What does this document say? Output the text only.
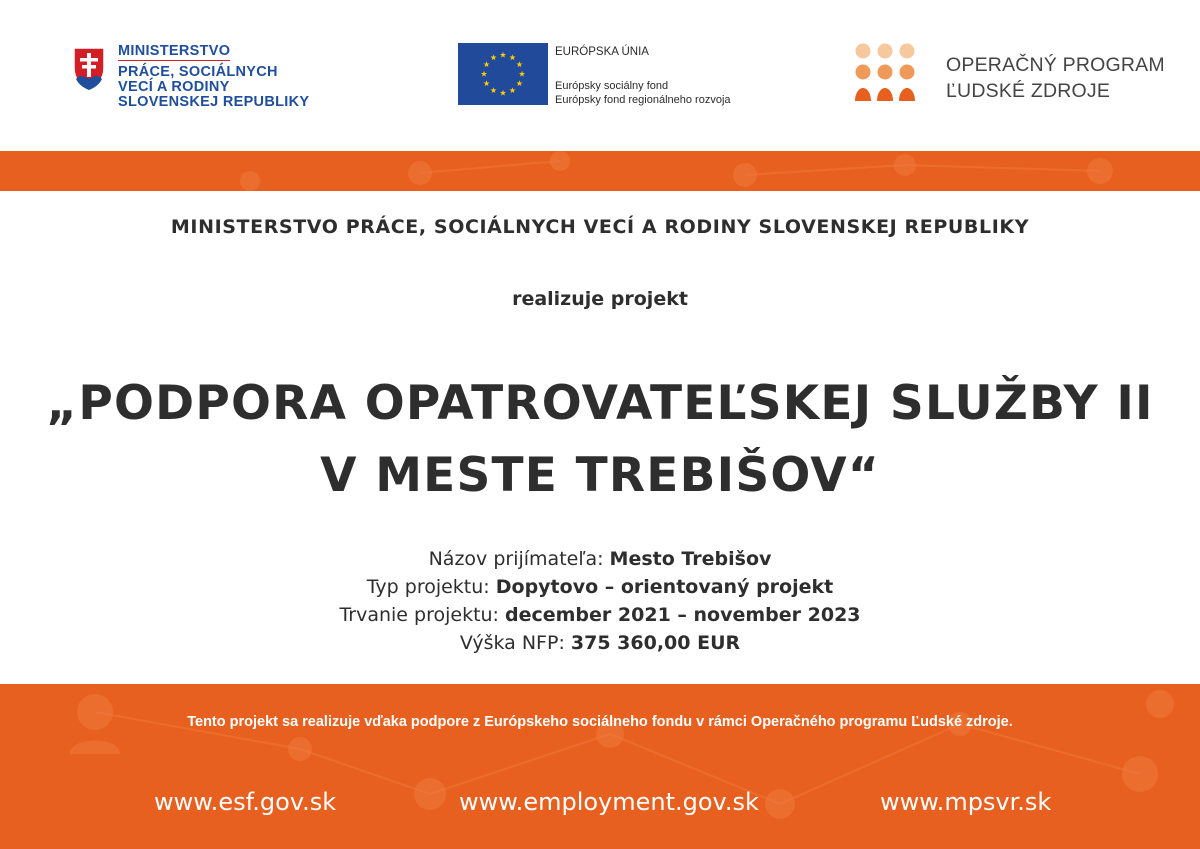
MINISTERSTVO
PRÁCE, SOCIÁLNYCH
VECÍ A RODINY
SLOVENSKEJ REPUBLIKY
EURÓPSKA ÚNIA
Európsky sociálny fond
Európsky fond regionálneho rozvoja
OPERAČNÝ PROGRAM
ĽUDSKÉ ZDROJE
MINISTERSTVO PRÁCE, SOCIÁLNYCH VECÍ A RODINY SLOVENSKEJ REPUBLIKY
realizuje projekt
„PODPORA OPATROVATEĽSKEJ SLUŽBY II
V MESTE TREBIŠOV“
Názov prijímateľa: Mesto Trebišov
Typ projektu: Dopytovo – orientovaný projekt
Trvanie projektu: december 2021 – november 2023
Výška NFP: 375 360,00 EUR
Tento projekt sa realizuje vďaka podpore z Európskeho sociálneho fondu v rámci Operačného programu Ľudské zdroje.
www.esf.gov.sk	www.employment.gov.sk	www.mpsvr.sk
